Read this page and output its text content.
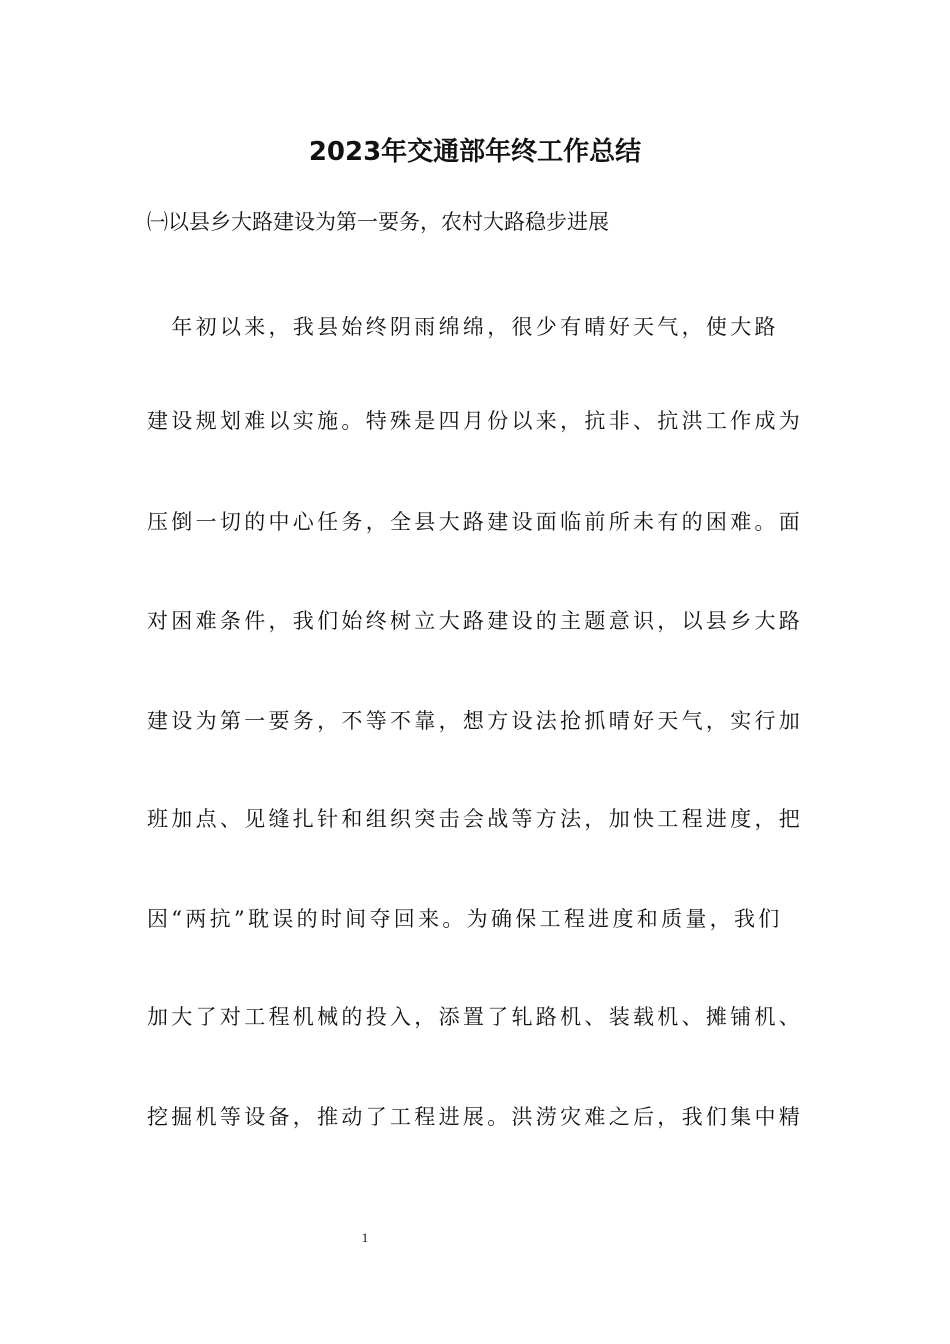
2023年交通部年终工作总结
㈠以县乡大路建设为第一要务，农村大路稳步进展
　年初以来，我县始终阴雨绵绵，很少有晴好天气，使大路
建设规划难以实施。特殊是四月份以来，抗非、抗洪工作成为
压倒一切的中心任务，全县大路建设面临前所未有的困难。面
对困难条件，我们始终树立大路建设的主题意识，以县乡大路
建设为第一要务，不等不靠，想方设法抢抓晴好天气，实行加
班加点、见缝扎针和组织突击会战等方法，加快工程进度，把
因“两抗”耽误的时间夺回来。为确保工程进度和质量，我们
加大了对工程机械的投入，添置了轧路机、装载机、摊铺机、
挖掘机等设备，推动了工程进展。洪涝灾难之后，我们集中精
1
